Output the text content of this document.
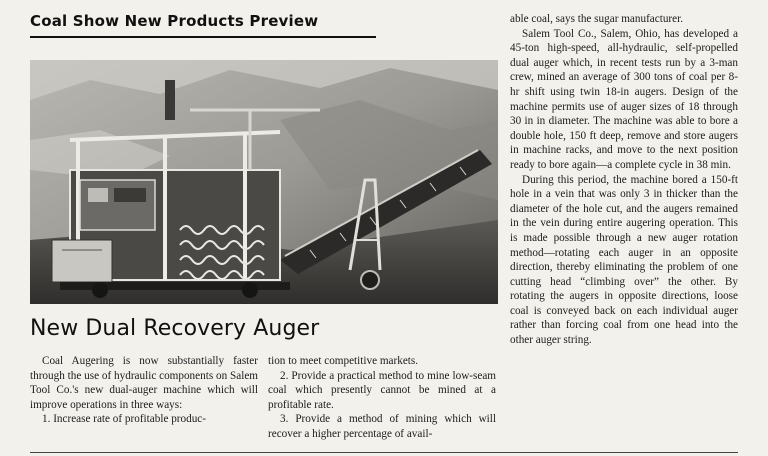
Coal Show New Products Preview
New Dual Recovery Auger

Coal Augering is now substantially faster through the use of hydraulic components on Salem Tool Co.'s new dual-auger machine which will improve operations in three ways:

1. Increase rate of profitable produc-

tion to meet competitive markets.

2. Provide a practical method to mine low-seam coal which presently cannot be mined at a profitable rate.

3. Provide a method of mining which will recover a higher percentage of avail-

able coal, says the sugar manufacturer.

Salem Tool Co., Salem, Ohio, has developed a 45-ton high-speed, all-hydraulic, self-propelled dual auger which, in recent tests run by a 3-man crew, mined an average of 300 tons of coal per 8-hr shift using twin 18-in augers. Design of the machine permits use of auger sizes of 18 through 30 in in diameter. The machine was able to bore a double hole, 150 ft deep, remove and store augers in machine racks, and move to the next position ready to bore again—a complete cycle in 38 min.

During this period, the machine bored a 150-ft hole in a vein that was only 3 in thicker than the diameter of the hole cut, and the augers remained in the vein during entire augering operation. This is made possible through a new auger rotation method—rotating each auger in an opposite direction, thereby eliminating the problem of one cutting head “climbing over” the other. By rotating the augers in opposite directions, loose coal is conveyed back on each individual auger rather than forcing coal from one head into the other auger string.
